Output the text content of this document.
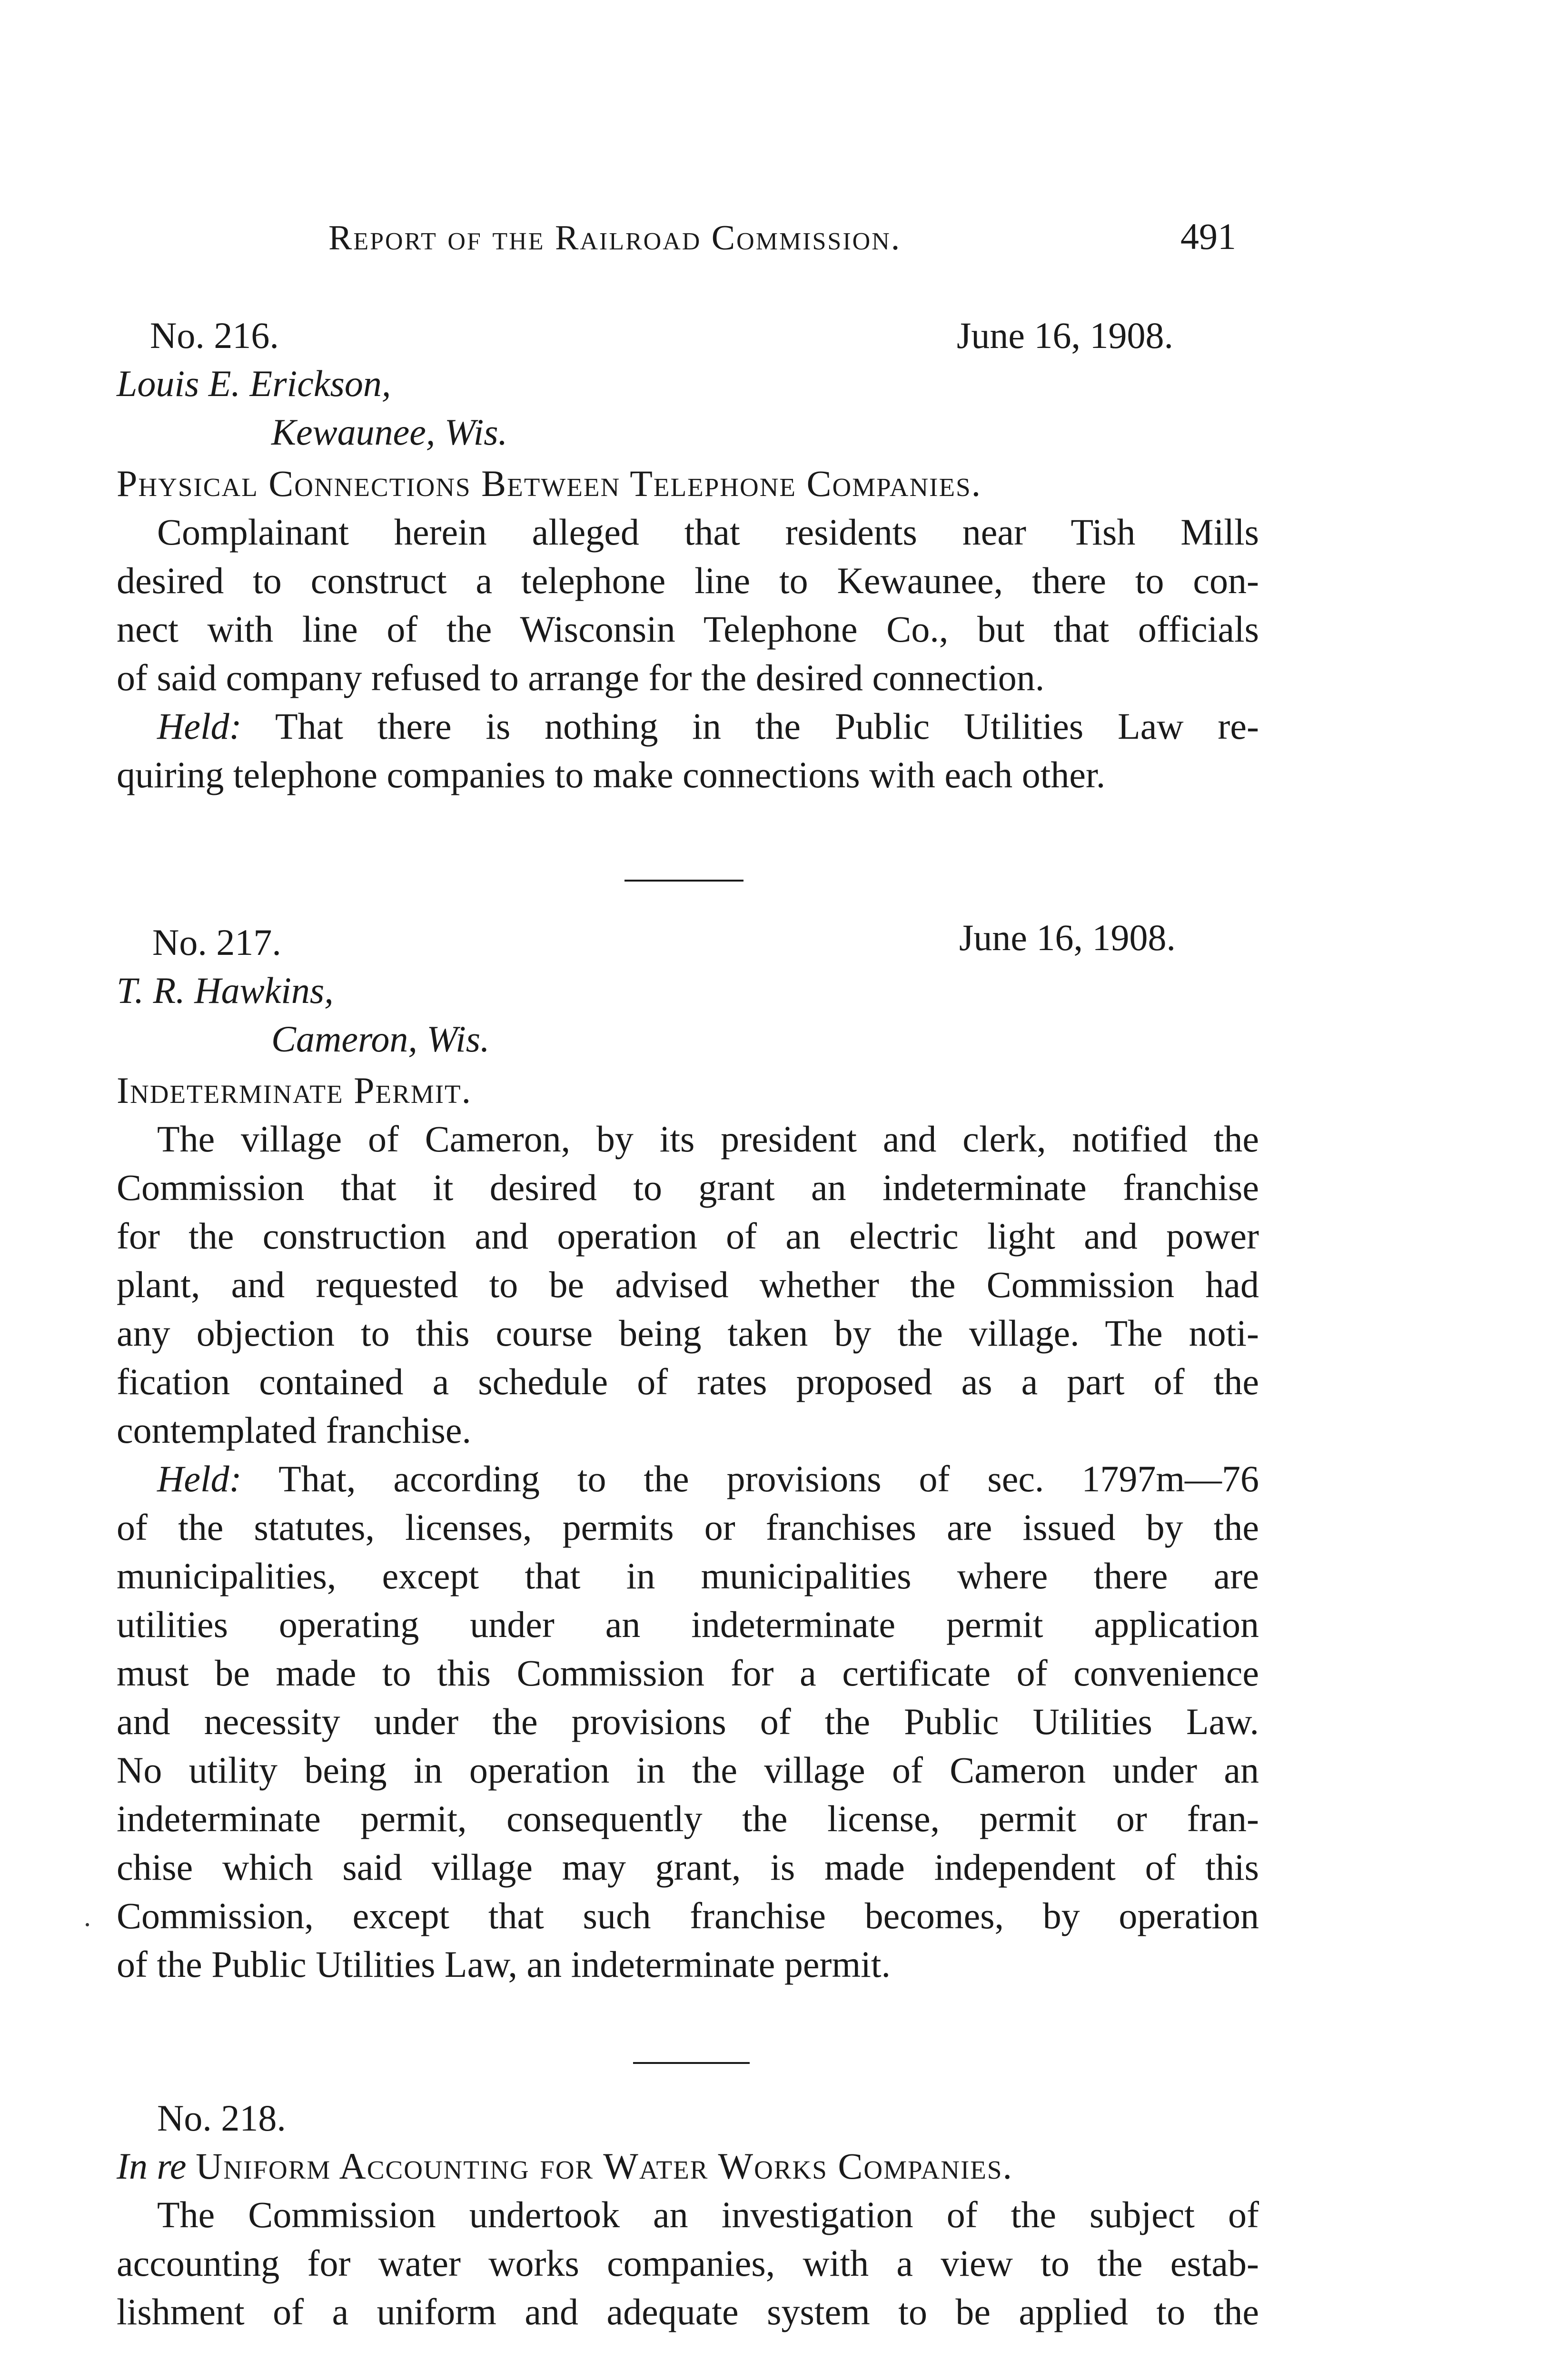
Report of the Railroad Commission.	491
No. 216.	June 16, 1908.
Louis E. Erickson,
Kewaunee, Wis.
Physical Connections Between Telephone Companies.
Complainant herein alleged that residents near Tish Mills
desired to construct a telephone line to Kewaunee, there to con-
nect with line of the Wisconsin Telephone Co., but that officials
of said company refused to arrange for the desired connection.
Held: That there is nothing in the Public Utilities Law re-
quiring telephone companies to make connections with each other.
No. 217.	June 16, 1908.
T. R. Hawkins,
Cameron, Wis.
Indeterminate Permit.
The village of Cameron, by its president and clerk, notified the
Commission that it desired to grant an indeterminate franchise
for the construction and operation of an electric light and power
plant, and requested to be advised whether the Commission had
any objection to this course being taken by the village. The noti-
fication contained a schedule of rates proposed as a part of the
contemplated franchise.
Held: That, according to the provisions of sec. 1797m—76
of the statutes, licenses, permits or franchises are issued by the
municipalities, except that in municipalities where there are
utilities operating under an indeterminate permit application
must be made to this Commission for a certificate of convenience
and necessity under the provisions of the Public Utilities Law.
No utility being in operation in the village of Cameron under an
indeterminate permit, consequently the license, permit or fran-
chise which said village may grant, is made independent of this
Commission, except that such franchise becomes, by operation
of the Public Utilities Law, an indeterminate permit.
No. 218.
In re Uniform Accounting for Water Works Companies.
The Commission undertook an investigation of the subject of
accounting for water works companies, with a view to the estab-
lishment of a uniform and adequate system to be applied to the
